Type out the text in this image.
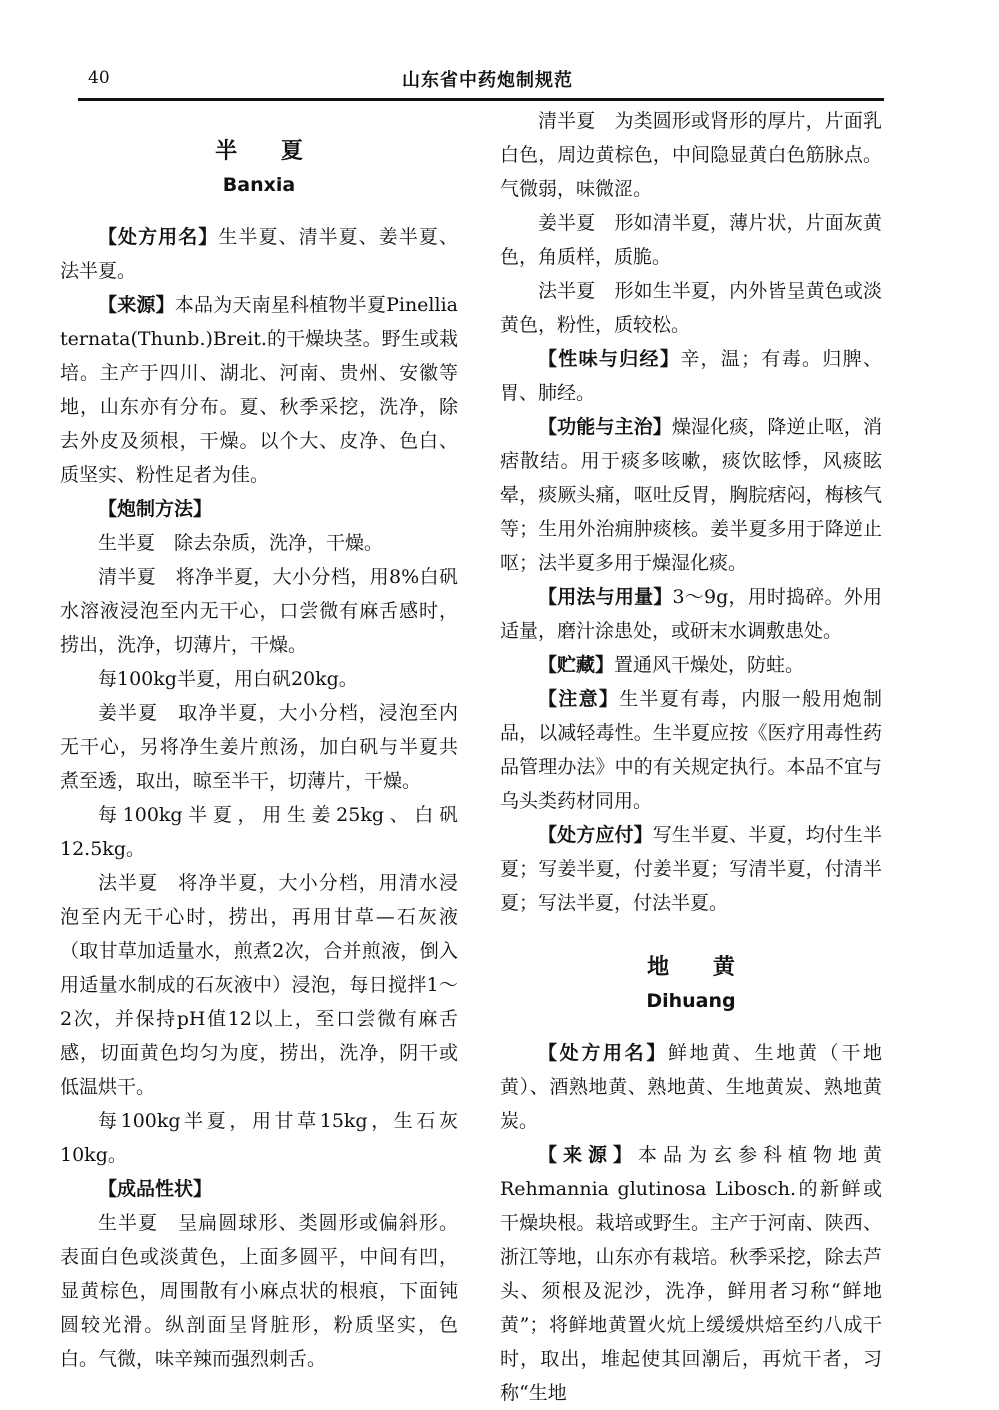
40	山东省中药炮制规范

半 夏
Banxia

【处方用名】生半夏、清半夏、姜半夏、法半夏。

【来源】本品为天南星科植物半夏Pinellia ternata(Thunb.)Breit.的干燥块茎。野生或栽培。主产于四川、湖北、河南、贵州、安徽等地，山东亦有分布。夏、秋季采挖，洗净，除去外皮及须根，干燥。以个大、皮净、色白、质坚实、粉性足者为佳。

【炮制方法】

生半夏　除去杂质，洗净，干燥。

清半夏　将净半夏，大小分档，用8%白矾水溶液浸泡至内无干心，口尝微有麻舌感时，捞出，洗净，切薄片，干燥。

每100kg半夏，用白矾20kg。

姜半夏　取净半夏，大小分档，浸泡至内无干心，另将净生姜片煎汤，加白矾与半夏共煮至透，取出，晾至半干，切薄片，干燥。

每100kg半夏，用生姜25kg、白矾12.5kg。

法半夏　将净半夏，大小分档，用清水浸泡至内无干心时，捞出，再用甘草—石灰液（取甘草加适量水，煎煮2次，合并煎液，倒入用适量水制成的石灰液中）浸泡，每日搅拌1～2次，并保持pH值12以上，至口尝微有麻舌感，切面黄色均匀为度，捞出，洗净，阴干或低温烘干。

每100kg半夏，用甘草15kg，生石灰10kg。

【成品性状】

生半夏　呈扁圆球形、类圆形或偏斜形。表面白色或淡黄色，上面多圆平，中间有凹，显黄棕色，周围散有小麻点状的根痕，下面钝圆较光滑。纵剖面呈肾脏形，粉质坚实，色白。气微，味辛辣而强烈刺舌。

清半夏　为类圆形或肾形的厚片，片面乳白色，周边黄棕色，中间隐显黄白色筋脉点。气微弱，味微涩。

姜半夏　形如清半夏，薄片状，片面灰黄色，角质样，质脆。

法半夏　形如生半夏，内外皆呈黄色或淡黄色，粉性，质较松。

【性味与归经】辛，温；有毒。归脾、胃、肺经。

【功能与主治】燥湿化痰，降逆止呕，消痞散结。用于痰多咳嗽，痰饮眩悸，风痰眩晕，痰厥头痛，呕吐反胃，胸脘痞闷，梅核气等；生用外治痈肿痰核。姜半夏多用于降逆止呕；法半夏多用于燥湿化痰。

【用法与用量】3～9g，用时捣碎。外用适量，磨汁涂患处，或研末水调敷患处。

【贮藏】置通风干燥处，防蛀。

【注意】生半夏有毒，内服一般用炮制品，以减轻毒性。生半夏应按《医疗用毒性药品管理办法》中的有关规定执行。本品不宜与乌头类药材同用。

【处方应付】写生半夏、半夏，均付生半夏；写姜半夏，付姜半夏；写清半夏，付清半夏；写法半夏，付法半夏。

地 黄
Dihuang

【处方用名】鲜地黄、生地黄（干地黄）、酒熟地黄、熟地黄、生地黄炭、熟地黄炭。

【来源】本品为玄参科植物地黄Rehmannia glutinosa Libosch.的新鲜或干燥块根。栽培或野生。主产于河南、陕西、浙江等地，山东亦有栽培。秋季采挖，除去芦头、须根及泥沙，洗净，鲜用者习称“鲜地黄”；将鲜地黄置火炕上缓缓烘焙至约八成干时，取出，堆起使其回潮后，再炕干者，习称“生地
